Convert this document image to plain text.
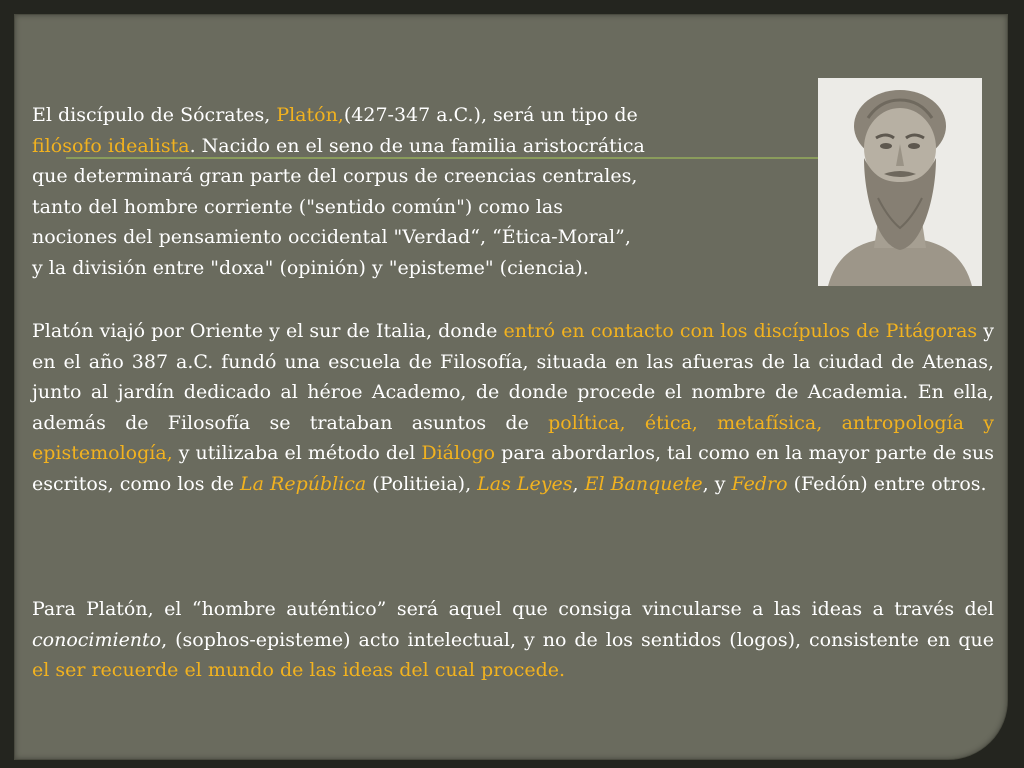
El discípulo de Sócrates, Platón,(427-347 a.C.), será un tipo de
filósofo idealista. Nacido en el seno de una familia aristocrática
que determinará gran parte del corpus de creencias centrales,
tanto del hombre corriente ("sentido común") como las
nociones del pensamiento occidental "Verdad“, “Ética-Moral”,
y la división entre "doxa" (opinión) y "episteme" (ciencia).

Platón viajó por Oriente y el sur de Italia, donde entró en contacto con los discípulos de Pitágoras y en el año 387 a.C. fundó una escuela de Filosofía, situada en las afueras de la ciudad de Atenas, junto al jardín dedicado al héroe Academo, de donde procede el nombre de Academia. En ella, además de Filosofía se trataban asuntos de política, ética, metafísica, antropología y epistemología, y utilizaba el método del Diálogo para abordarlos, tal como en la mayor parte de sus escritos, como los de La República (Politieia), Las Leyes, El Banquete, y Fedro (Fedón) entre otros.

Para Platón, el “hombre auténtico” será aquel que consiga vincularse a las ideas a través del conocimiento, (sophos-episteme) acto intelectual, y no de los sentidos (logos), consistente en que el ser recuerde el mundo de las ideas del cual procede.
